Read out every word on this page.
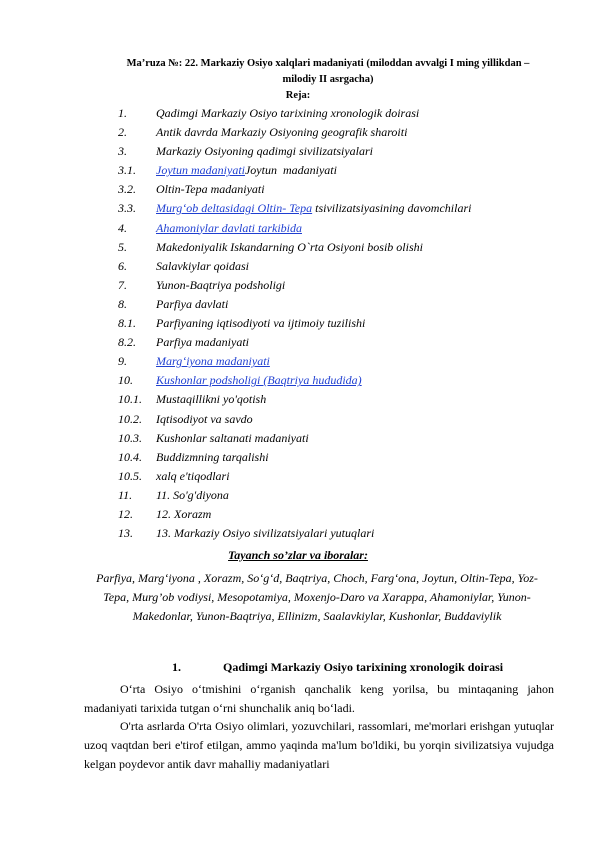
Ma’ruza №: 22. Markaziy Osiyo xalqlari madaniyati (miloddan avvalgi I ming yillikdan – milodiy II asrgacha)
Reja:
1. Qadimgi Markaziy Osiyo tarixining xronologik doirasi
2. Antik davrda Markaziy Osiyoning geografik sharoiti
3. Markaziy Osiyoning qadimgi sivilizatsiyalari
3.1. Joytun madaniyatiJoytun  madaniyati
3.2. Oltin-Tepa madaniyati
3.3. Murg‘ob deltasidagi Oltin- Tepa tsivilizatsiyasining davomchilari
4. Ahamoniylar davlati tarkibida
5. Makedoniyalik Iskandarning O`rta Osiyoni bosib olishi
6. Salavkiylar qoidasi
7. Yunon-Baqtriya podsholigi
8. Parfiya davlati
8.1. Parfiyaning iqtisodiyoti va ijtimoiy tuzilishi
8.2. Parfiya madaniyati
9. Marg‘iyona madaniyati
10. Kushonlar podsholigi (Baqtriya hududida)
10.1. Mustaqillikni yo'qotish
10.2. Iqtisodiyot va savdo
10.3. Kushonlar saltanati madaniyati
10.4. Buddizmning tarqalishi
10.5. xalq e'tiqodlari
11. 11. So'g'diyona
12. 12. Xorazm
13. 13. Markaziy Osiyo sivilizatsiyalari yutuqlari
Tayanch so’zlar va iboralar:
Parfiya, Marg‘iyona , Xorazm, So‘g‘d, Baqtriya, Choch, Farg‘ona, Joytun, Oltin-Tepa, Yoz-Tepa, Murg’ob vodiysi, Mesopotamiya, Moxenjo-Daro va Xarappa, Ahamoniylar, Yunon-Makedonlar, Yunon-Baqtriya, Ellinizm, Saalavkiylar, Kushonlar, Buddaviylik
1.	Qadimgi Markaziy Osiyo tarixining xronologik doirasi
O‘rta Osiyo o‘tmishini o‘rganish qanchalik keng yorilsa, bu mintaqaning jahon madaniyati tarixida tutgan o‘rni shunchalik aniq bo‘ladi.
O'rta asrlarda O'rta Osiyo olimlari, yozuvchilari, rassomlari, me'morlari erishgan yutuqlar uzoq vaqtdan beri e'tirof etilgan, ammo yaqinda ma'lum bo'ldiki, bu yorqin sivilizatsiya vujudga kelgan poydevor antik davr mahalliy madaniyatlari
